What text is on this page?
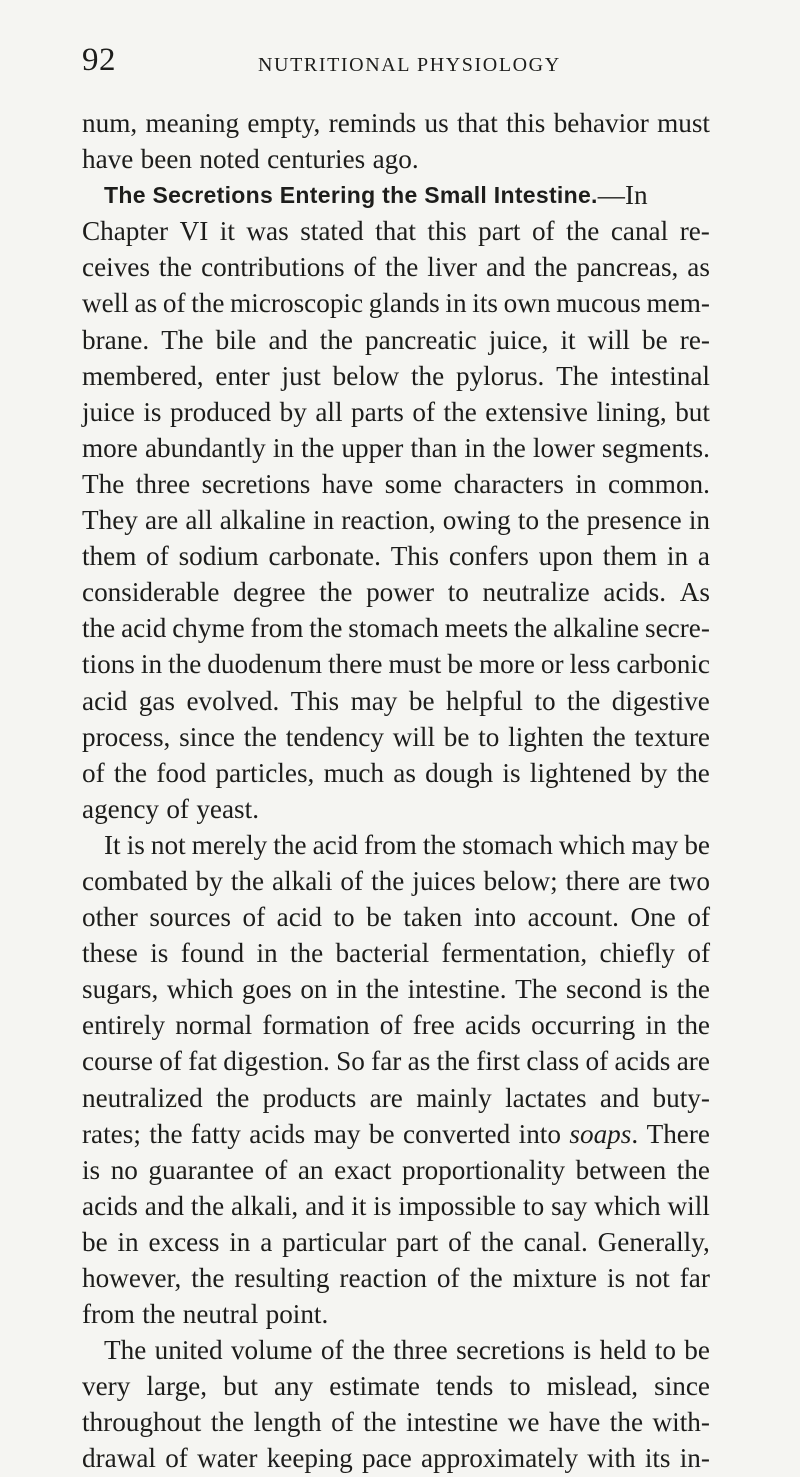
92	NUTRITIONAL PHYSIOLOGY
num, meaning empty, reminds us that this behavior must
have been noted centuries ago.
The Secretions Entering the Small Intestine. —In
Chapter VI it was stated that this part of the canal re-
ceives the contributions of the liver and the pancreas, as
well as of the microscopic glands in its own mucous mem-
brane. The bile and the pancreatic juice, it will be re-
membered, enter just below the pylorus. The intestinal
juice is produced by all parts of the extensive lining, but
more abundantly in the upper than in the lower segments.
The three secretions have some characters in common.
They are all alkaline in reaction, owing to the presence in
them of sodium carbonate. This confers upon them in a
considerable degree the power to neutralize acids. As
the acid chyme from the stomach meets the alkaline secre-
tions in the duodenum there must be more or less carbonic
acid gas evolved. This may be helpful to the digestive
process, since the tendency will be to lighten the texture
of the food particles, much as dough is lightened by the
agency of yeast.
It is not merely the acid from the stomach which may be
combated by the alkali of the juices below; there are two
other sources of acid to be taken into account. One of
these is found in the bacterial fermentation, chiefly of
sugars, which goes on in the intestine. The second is the
entirely normal formation of free acids occurring in the
course of fat digestion. So far as the first class of acids are
neutralized the products are mainly lactates and buty-
rates; the fatty acids may be converted into soaps. There
is no guarantee of an exact proportionality between the
acids and the alkali, and it is impossible to say which will
be in excess in a particular part of the canal. Generally,
however, the resulting reaction of the mixture is not far
from the neutral point.
The united volume of the three secretions is held to be
very large, but any estimate tends to mislead, since
throughout the length of the intestine we have the with-
drawal of water keeping pace approximately with its in-
